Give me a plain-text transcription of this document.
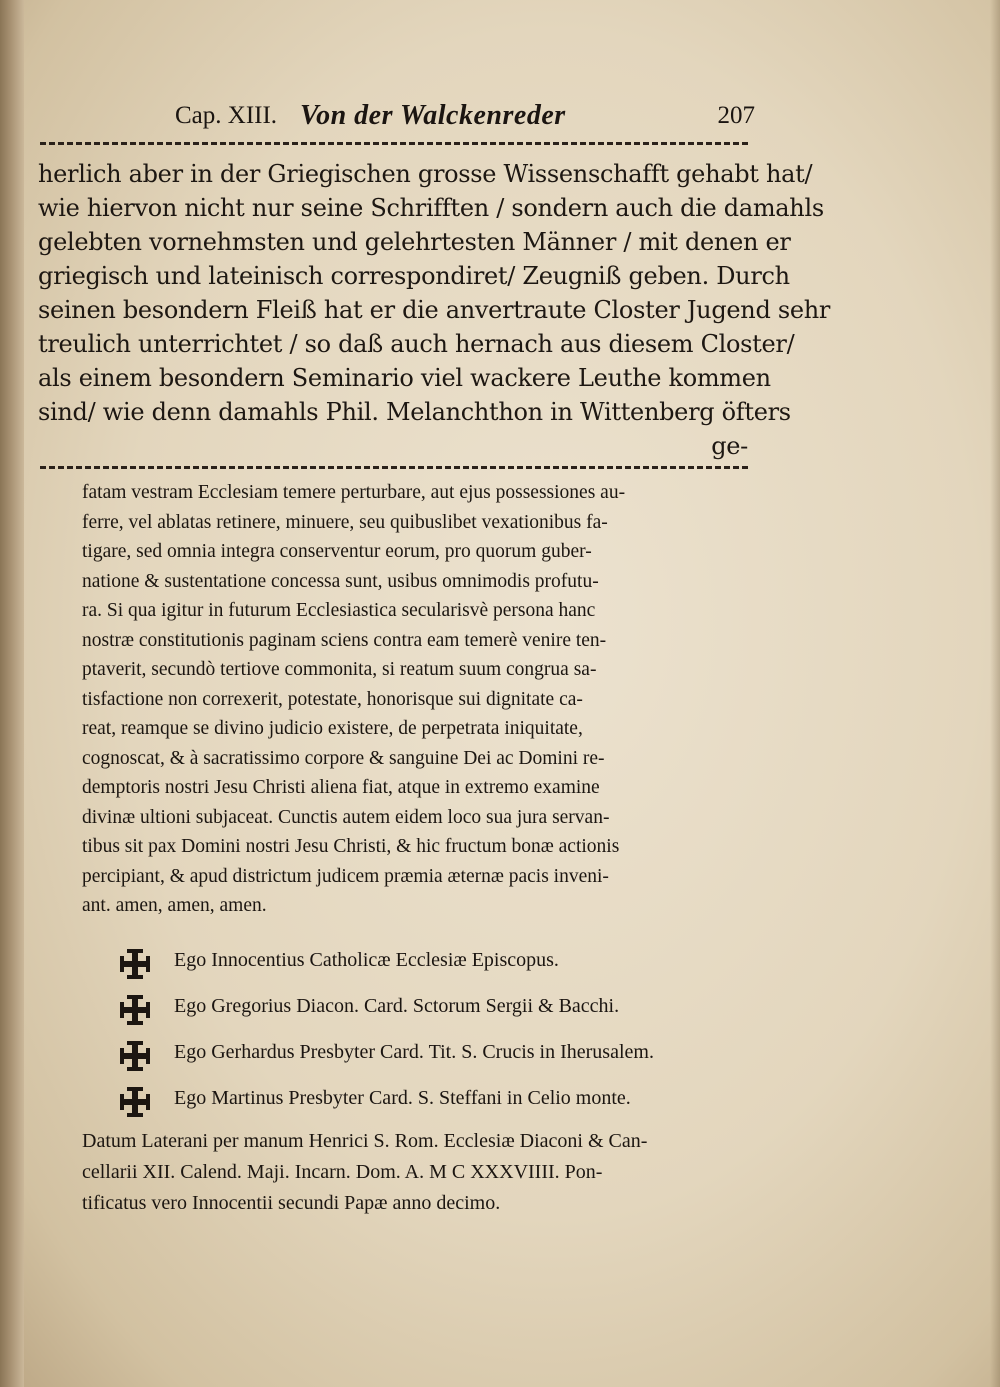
Cap. XIII. Von der Walckenreder	207
herlich aber in der Griegischen grosse Wissenschafft gehabt hat/
wie hiervon nicht nur seine Schrifften / sondern auch die damahls
gelebten vornehmsten und gelehrtesten Männer / mit denen er
griegisch und lateinisch correspondiret/ Zeugniß geben. Durch
seinen besondern Fleiß hat er die anvertraute Closter Jugend sehr
treulich unterrichtet / so daß auch hernach aus diesem Closter/
als einem besondern Seminario viel wackere Leuthe kommen
sind/ wie denn damahls Phil. Melanchthon in Wittenberg öfters
ge-
fatam vestram Ecclesiam temere perturbare, aut ejus possessiones au-
ferre, vel ablatas retinere, minuere, seu quibuslibet vexationibus fa-
tigare, sed omnia integra conserventur eorum, pro quorum guber-
natione & sustentatione concessa sunt, usibus omnimodis profutu-
ra. Si qua igitur in futurum Ecclesiastica secularisvè persona hanc
nostræ constitutionis paginam sciens contra eam temerè venire ten-
ptaverit, secundò tertiove commonita, si reatum suum congrua sa-
tisfactione non correxerit, potestate, honorisque sui dignitate ca-
reat, reamque se divino judicio existere, de perpetrata iniquitate,
cognoscat, & à sacratissimo corpore & sanguine Dei ac Domini re-
demptoris nostri Jesu Christi aliena fiat, atque in extremo examine
divinæ ultioni subjaceat. Cunctis autem eidem loco sua jura servan-
tibus sit pax Domini nostri Jesu Christi, & hic fructum bonæ actionis
percipiant, & apud districtum judicem præmia æternæ pacis inveni-
ant. amen, amen, amen.
Ego Innocentius Catholicæ Ecclesiæ Episcopus.
Ego Gregorius Diacon. Card. Sctorum Sergii & Bacchi.
Ego Gerhardus Presbyter Card. Tit. S. Crucis in Iherusalem.
Ego Martinus Presbyter Card. S. Steffani in Celio monte.
Datum Laterani per manum Henrici S. Rom. Ecclesiæ Diaconi & Can-
cellarii XII. Calend. Maji. Incarn. Dom. A. M C XXXVIIII. Pon-
tificatus vero Innocentii secundi Papæ anno decimo.
